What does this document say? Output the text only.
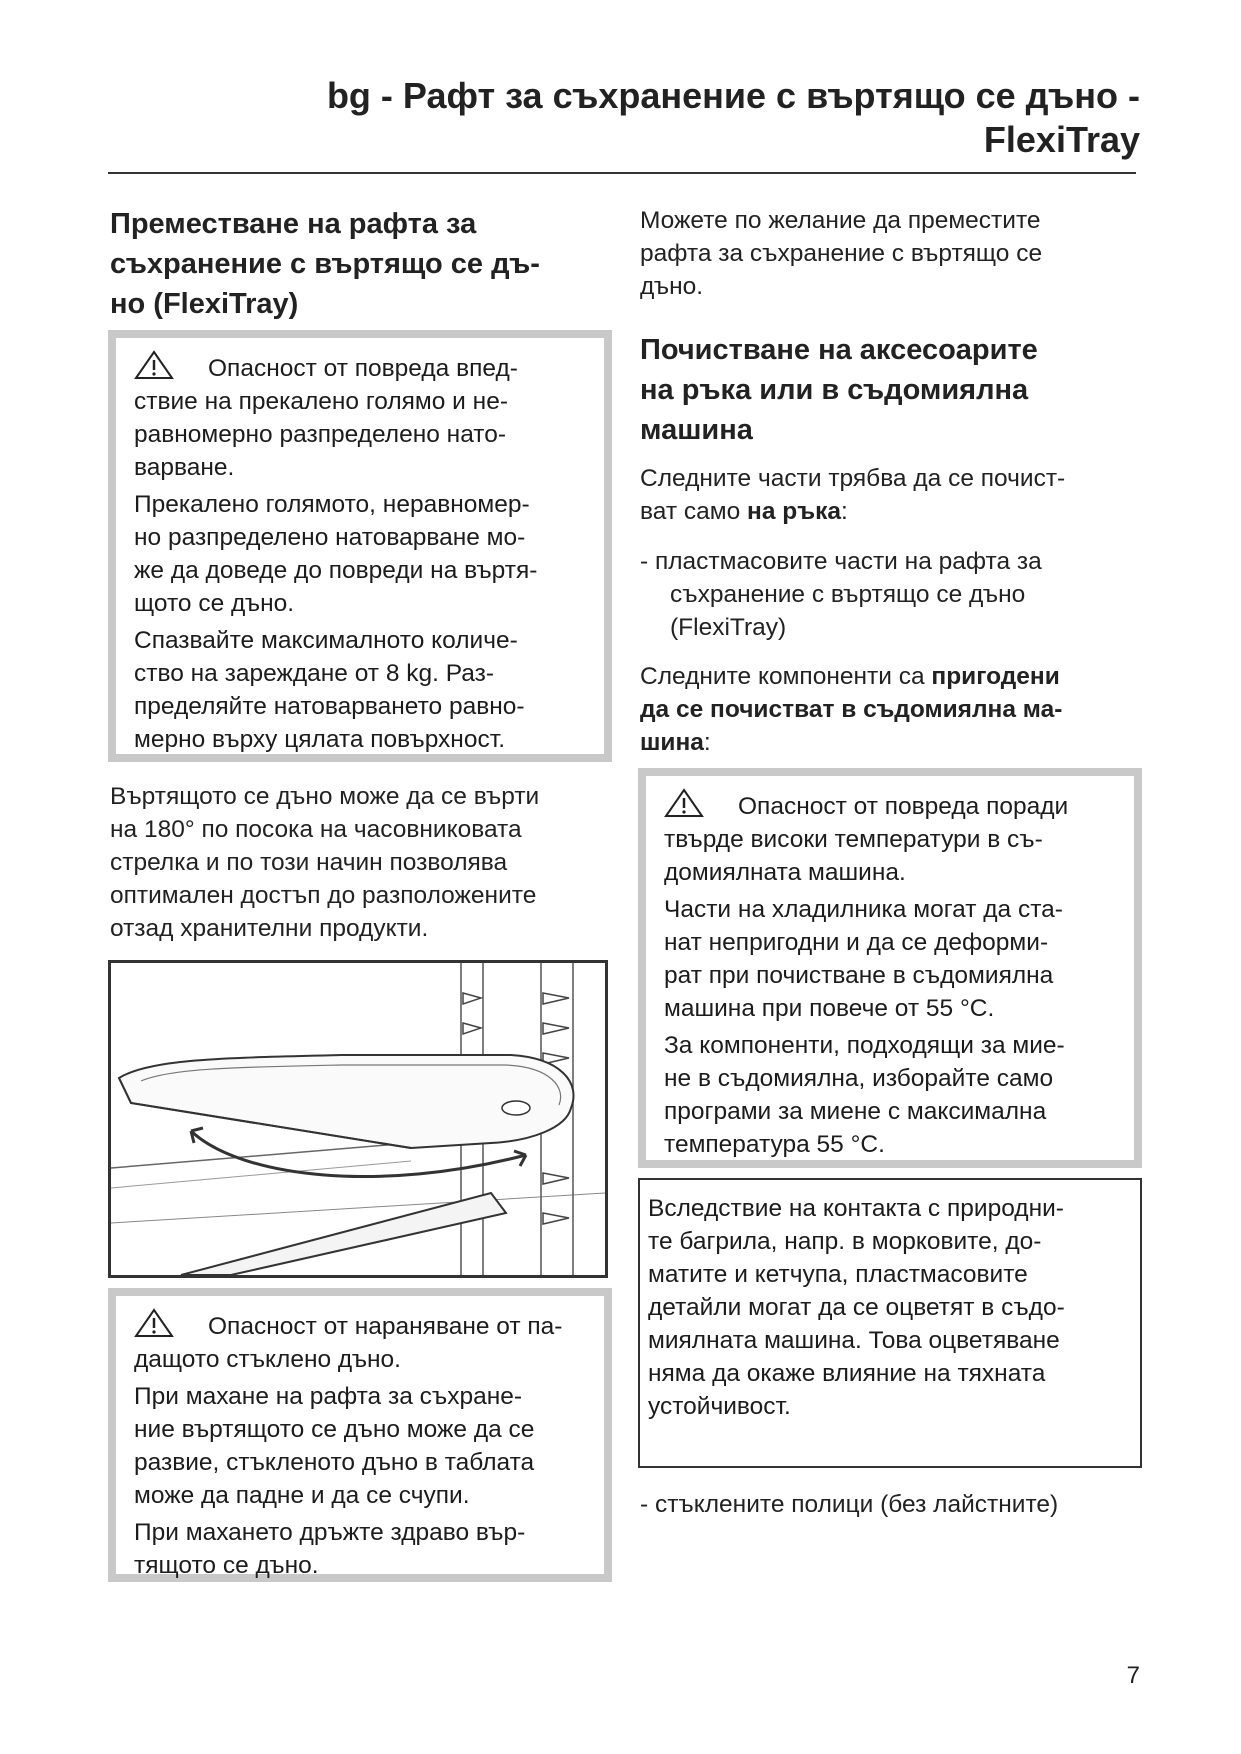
bg - Рафт за съхранение с въртящо се дъно -
FlexiTray
Преместване на рафта за
съхранение с въртящо се дъ-
но (FlexiTray)
Опасност от повреда впед-
ствие на прекалено голямо и не-
равномерно разпределено нато-
варване.
Прекалено голямото, неравномер-
но разпределено натоварване мо-
же да доведе до повреди на въртя-
щото се дъно.
Спазвайте максималното количе-
ство на зареждане от 8 kg. Раз-
пределяйте натоварването равно-
мерно върху цялата повърхност.
Въртящото се дъно може да се върти
на 180° по посока на часовниковата
стрелка и по този начин позволява
оптимален достъп до разположените
отзад хранителни продукти.
Опасност от нараняване от па-
дащото стъклено дъно.
При махане на рафта за съхране-
ние въртящото се дъно може да се
развие, стъкленото дъно в таблата
може да падне и да се счупи.
При махането дръжте здраво вър-
тящото се дъно.
Можете по желание да преместите
рафта за съхранение с въртящо се
дъно.
Почистване на аксесоарите
на ръка или в съдомиялна
машина
Следните части трябва да се почист-
ват само на ръка:
- пластмасовите части на рафта за
съхранение с въртящо се дъно
(FlexiTray)
Следните компоненти са пригодени
да се почистват в съдомиялна ма-
шина:
Опасност от повреда поради
твърде високи температури в съ-
домиялната машина.
Части на хладилника могат да ста-
нат непригодни и да се деформи-
рат при почистване в съдомиялна
машина при повече от 55 °C.
За компоненти, подходящи за мие-
не в съдомиялна, изборайте само
програми за миене с максимална
температура 55 °C.
Вследствие на контакта с природни-
те багрила, напр. в морковите, до-
матите и кетчупа, пластмасовите
детайли могат да се оцветят в съдо-
миялната машина. Това оцветяване
няма да окаже влияние на тяхната
устойчивост.
- стъклените полици (без лайстните)
7
